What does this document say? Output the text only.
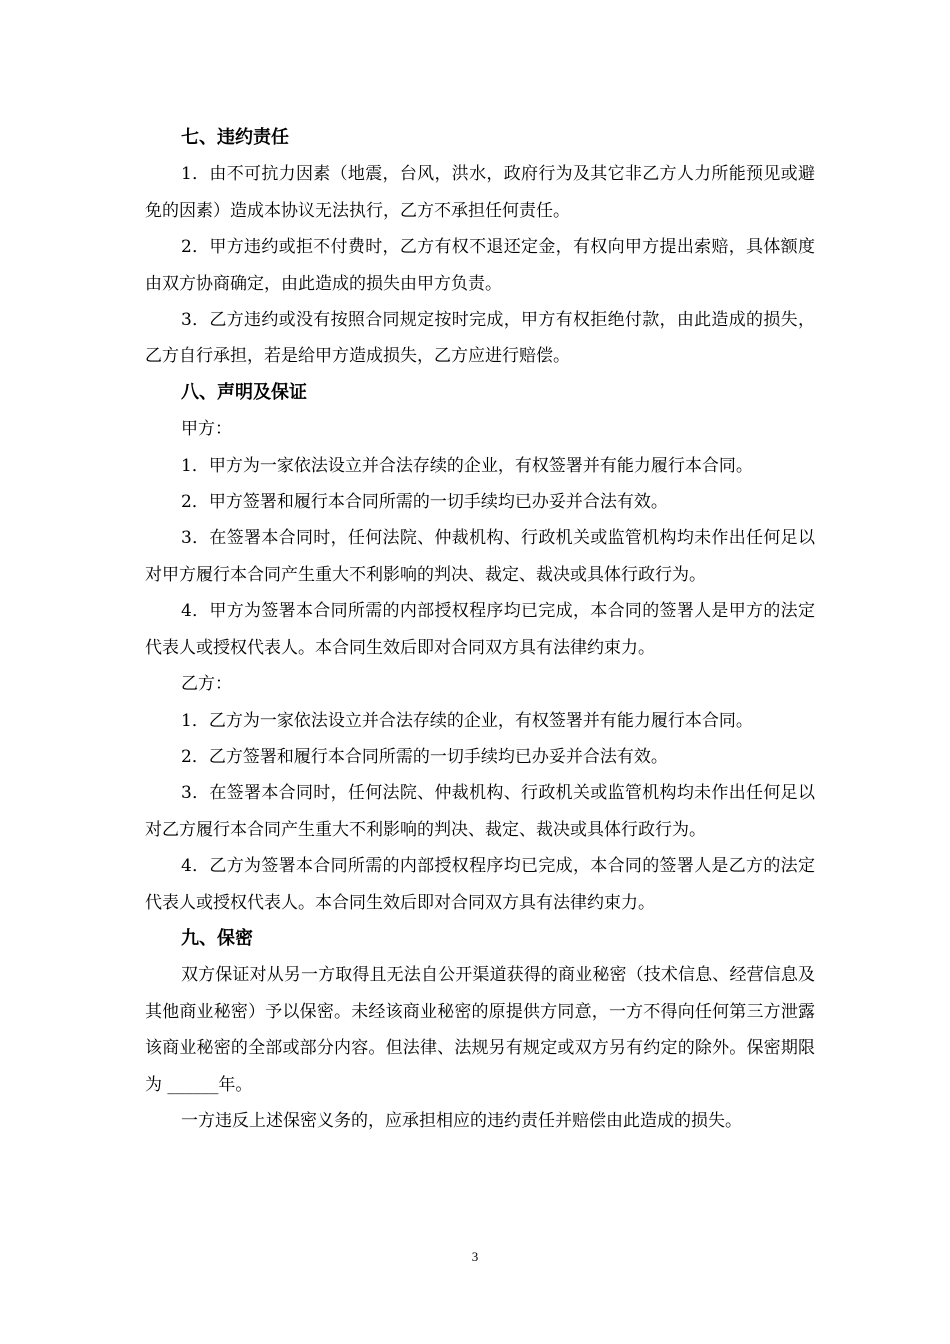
七、违约责任

1．由不可抗力因素（地震，台风，洪水，政府行为及其它非乙方人力所能预见或避免的因素）造成本协议无法执行，乙方不承担任何责任。

2．甲方违约或拒不付费时，乙方有权不退还定金，有权向甲方提出索赔，具体额度由双方协商确定，由此造成的损失由甲方负责。

3．乙方违约或没有按照合同规定按时完成，甲方有权拒绝付款，由此造成的损失，乙方自行承担，若是给甲方造成损失，乙方应进行赔偿。

八、声明及保证

甲方：

1．甲方为一家依法设立并合法存续的企业，有权签署并有能力履行本合同。

2．甲方签署和履行本合同所需的一切手续均已办妥并合法有效。

3．在签署本合同时，任何法院、仲裁机构、行政机关或监管机构均未作出任何足以对甲方履行本合同产生重大不利影响的判决、裁定、裁决或具体行政行为。

4．甲方为签署本合同所需的内部授权程序均已完成，本合同的签署人是甲方的法定代表人或授权代表人。本合同生效后即对合同双方具有法律约束力。

乙方：

1．乙方为一家依法设立并合法存续的企业，有权签署并有能力履行本合同。

2．乙方签署和履行本合同所需的一切手续均已办妥并合法有效。

3．在签署本合同时，任何法院、仲裁机构、行政机关或监管机构均未作出任何足以对乙方履行本合同产生重大不利影响的判决、裁定、裁决或具体行政行为。

4．乙方为签署本合同所需的内部授权程序均已完成，本合同的签署人是乙方的法定代表人或授权代表人。本合同生效后即对合同双方具有法律约束力。

九、保密

双方保证对从另一方取得且无法自公开渠道获得的商业秘密（技术信息、经营信息及其他商业秘密）予以保密。未经该商业秘密的原提供方同意，一方不得向任何第三方泄露该商业秘密的全部或部分内容。但法律、法规另有规定或双方另有约定的除外。保密期限为 ______年。

一方违反上述保密义务的，应承担相应的违约责任并赔偿由此造成的损失。

3
